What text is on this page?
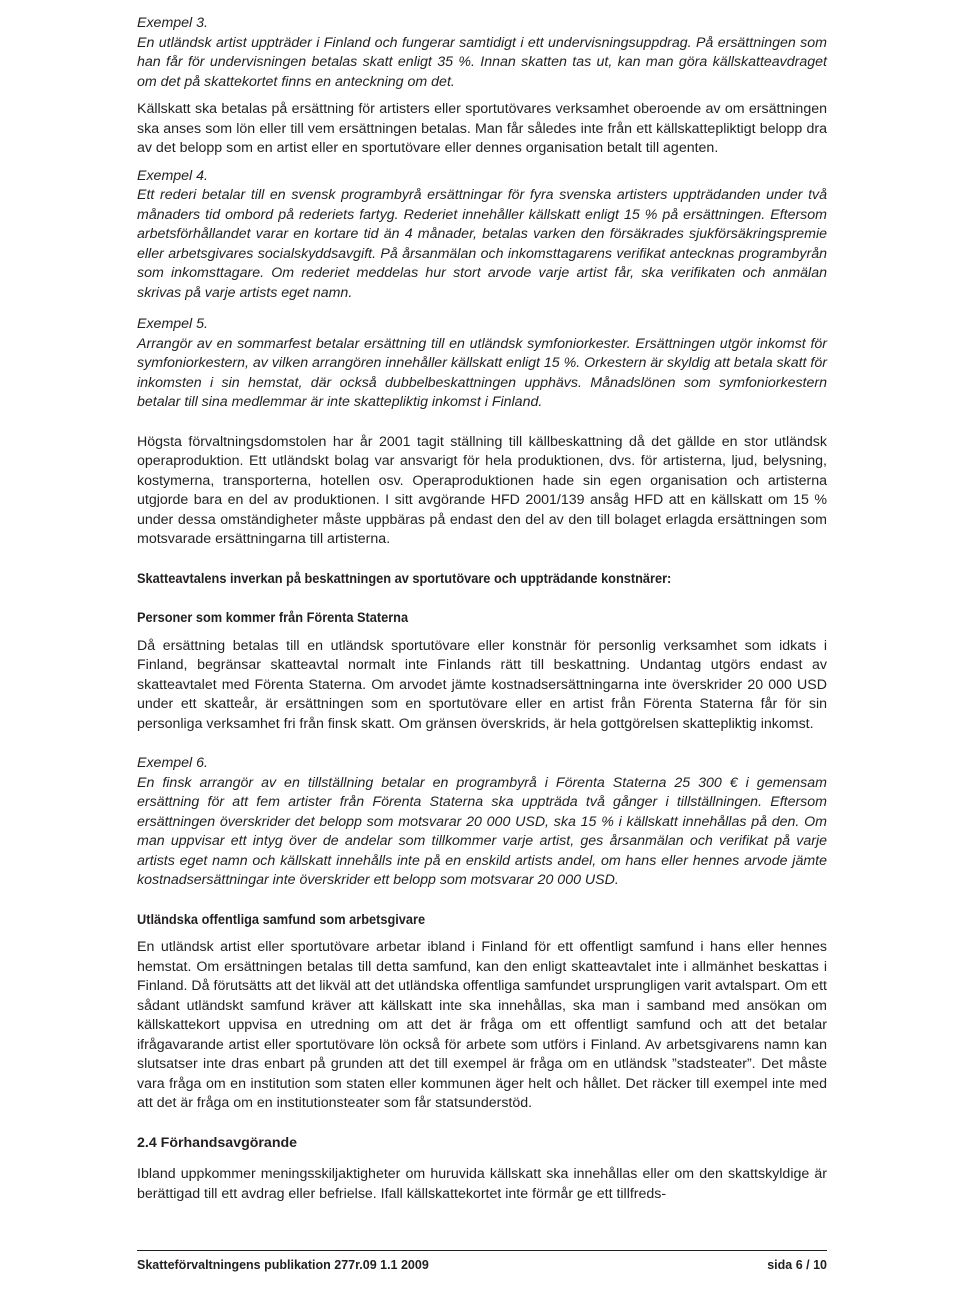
Exempel 3.

En utländsk artist uppträder i Finland och fungerar samtidigt i ett undervisningsuppdrag. På ersättningen som han får för undervisningen betalas skatt enligt 35 %. Innan skatten tas ut, kan man göra källskatteavdraget om det på skattekortet finns en anteckning om det.

Källskatt ska betalas på ersättning för artisters eller sportutövares verksamhet oberoende av om ersättningen ska anses som lön eller till vem ersättningen betalas. Man får således inte från ett källskattepliktigt belopp dra av det belopp som en artist eller en sportutövare eller dennes organisation betalt till agenten.

Exempel 4.

Ett rederi betalar till en svensk programbyrå ersättningar för fyra svenska artisters uppträdanden under två månaders tid ombord på rederiets fartyg. Rederiet innehåller källskatt enligt 15 % på ersättningen. Eftersom arbetsförhållandet varar en kortare tid än 4 månader, betalas varken den försäkrades sjukförsäkringspremie eller arbetsgivares socialskyddsavgift. På årsanmälan och inkomsttagarens verifikat antecknas programbyrån som inkomsttagare. Om rederiet meddelas hur stort arvode varje artist får, ska verifikaten och anmälan skrivas på varje artists eget namn.

Exempel 5.

Arrangör av en sommarfest betalar ersättning till en utländsk symfoniorkester. Ersättningen utgör inkomst för symfoniorkestern, av vilken arrangören innehåller källskatt enligt 15 %. Orkestern är skyldig att betala skatt för inkomsten i sin hemstat, där också dubbelbeskattningen upphävs. Månadslönen som symfoniorkestern betalar till sina medlemmar är inte skattepliktig inkomst i Finland.

Högsta förvaltningsdomstolen har år 2001 tagit ställning till källbeskattning då det gällde en stor utländsk operaproduktion. Ett utländskt bolag var ansvarigt för hela produktionen, dvs. för artisterna, ljud, belysning, kostymerna, transporterna, hotellen osv. Operaproduktionen hade sin egen organisation och artisterna utgjorde bara en del av produktionen. I sitt avgörande HFD 2001/139 ansåg HFD att en källskatt om 15 % under dessa omständigheter måste uppbäras på endast den del av den till bolaget erlagda ersättningen som motsvarade ersättningarna till artisterna.

Skatteavtalens inverkan på beskattningen av sportutövare och uppträdande konstnärer:

Personer som kommer från Förenta Staterna

Då ersättning betalas till en utländsk sportutövare eller konstnär för personlig verksamhet som idkats i Finland, begränsar skatteavtal normalt inte Finlands rätt till beskattning. Undantag utgörs endast av skatteavtalet med Förenta Staterna. Om arvodet jämte kostnadsersättningarna inte överskrider 20 000 USD under ett skatteår, är ersättningen som en sportutövare eller en artist från Förenta Staterna får för sin personliga verksamhet fri från finsk skatt. Om gränsen överskrids, är hela gottgörelsen skattepliktig inkomst.

Exempel 6.

En finsk arrangör av en tillställning betalar en programbyrå i Förenta Staterna 25 300 € i gemensam ersättning för att fem artister från Förenta Staterna ska uppträda två gånger i tillställningen. Eftersom ersättningen överskrider det belopp som motsvarar 20 000 USD, ska 15 % i källskatt innehållas på den. Om man uppvisar ett intyg över de andelar som tillkommer varje artist, ges årsanmälan och verifikat på varje artists eget namn och källskatt innehålls inte på en enskild artists andel, om hans eller hennes arvode jämte kostnadsersättningar inte överskrider ett belopp som motsvarar 20 000 USD.

Utländska offentliga samfund som arbetsgivare

En utländsk artist eller sportutövare arbetar ibland i Finland för ett offentligt samfund i hans eller hennes hemstat. Om ersättningen betalas till detta samfund, kan den enligt skatteavtalet inte i allmänhet beskattas i Finland. Då förutsätts att det likväl att det utländska offentliga samfundet ursprungligen varit avtalspart. Om ett sådant utländskt samfund kräver att källskatt inte ska innehållas, ska man i samband med ansökan om källskattekort uppvisa en utredning om att det är fråga om ett offentligt samfund och att det betalar ifrågavarande artist eller sportutövare lön också för arbete som utförs i Finland. Av arbetsgivarens namn kan slutsatser inte dras enbart på grunden att det till exempel är fråga om en utländsk ”stadsteater”. Det måste vara fråga om en institution som staten eller kommunen äger helt och hållet. Det räcker till exempel inte med att det är fråga om en institutionsteater som får statsunderstöd.

2.4 Förhandsavgörande

Ibland uppkommer meningsskiljaktigheter om huruvida källskatt ska innehållas eller om den skattskyldige är berättigad till ett avdrag eller befrielse. Ifall källskattekortet inte förmår ge ett tillfreds-

Skatteförvaltningens publikation 277r.09 1.1 2009	sida 6 / 10
